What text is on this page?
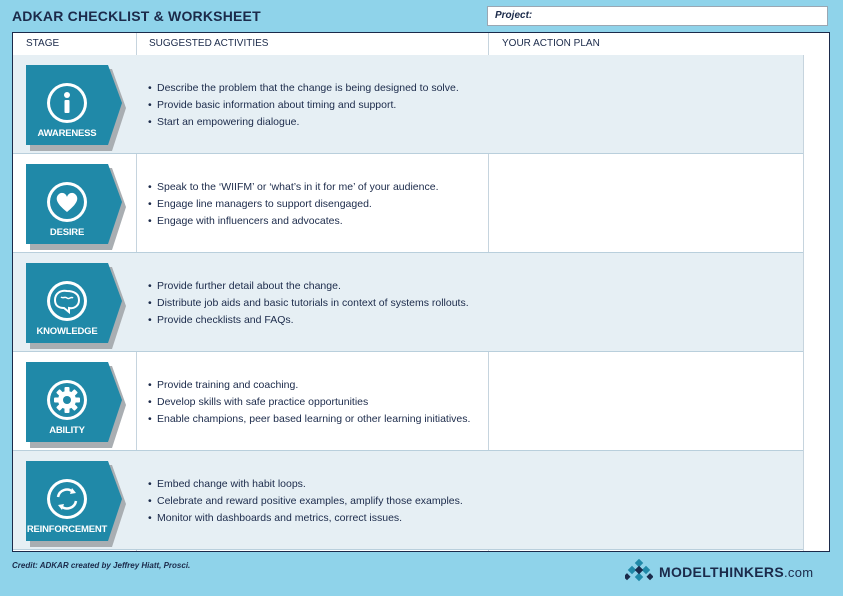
ADKAR CHECKLIST & WORKSHEET	Project:
STAGE	SUGGESTED ACTIVITIES	YOUR ACTION PLAN
AWARENESS
• Describe the problem that the change is being designed to solve.
• Provide basic information about timing and support.
• Start an empowering dialogue.
DESIRE
• Speak to the ‘WIIFM’ or ‘what’s in it for me’ of your audience.
• Engage line managers to support disengaged.
• Engage with influencers and advocates.
KNOWLEDGE
• Provide further detail about the change.
• Distribute job aids and basic tutorials in context of systems rollouts.
• Provide checklists and FAQs.
ABILITY
• Provide training and coaching.
• Develop skills with safe practice opportunities
• Enable champions, peer based learning or other learning initiatives.
REINFORCEMENT
• Embed change with habit loops.
• Celebrate and reward positive examples, amplify those examples.
• Monitor with dashboards and metrics, correct issues.
Credit: ADKAR created by Jeffrey Hiatt, Prosci.	MODELTHINKERS.com
